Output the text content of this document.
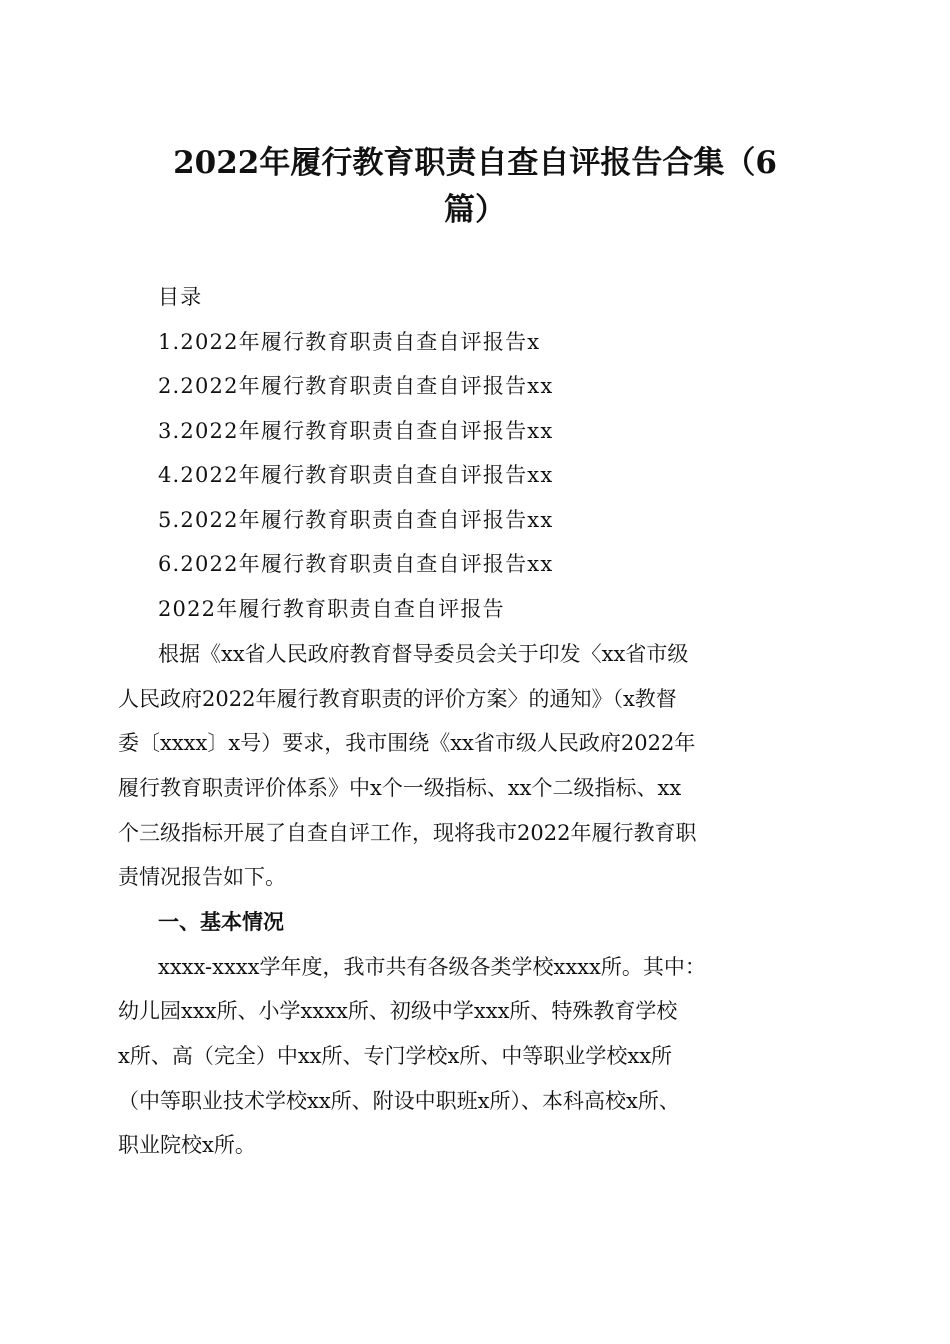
2022年履行教育职责自查自评报告合集（6
篇）

目录

1.2022年履行教育职责自查自评报告x

2.2022年履行教育职责自查自评报告xx

3.2022年履行教育职责自查自评报告xx

4.2022年履行教育职责自查自评报告xx

5.2022年履行教育职责自查自评报告xx

6.2022年履行教育职责自查自评报告xx

2022年履行教育职责自查自评报告

根据《xx省人民政府教育督导委员会关于印发〈xx省市级

人民政府2022年履行教育职责的评价方案〉的通知》（x教督

委〔xxxx〕x号）要求，我市围绕《xx省市级人民政府2022年

履行教育职责评价体系》中x个一级指标、xx个二级指标、xx

个三级指标开展了自查自评工作，现将我市2022年履行教育职

责情况报告如下。

一、基本情况

xxxx-xxxx学年度，我市共有各级各类学校xxxx所。其中：

幼儿园xxx所、小学xxxx所、初级中学xxx所、特殊教育学校

x所、高（完全）中xx所、专门学校x所、中等职业学校xx所

（中等职业技术学校xx所、附设中职班x所）、本科高校x所、

职业院校x所。
